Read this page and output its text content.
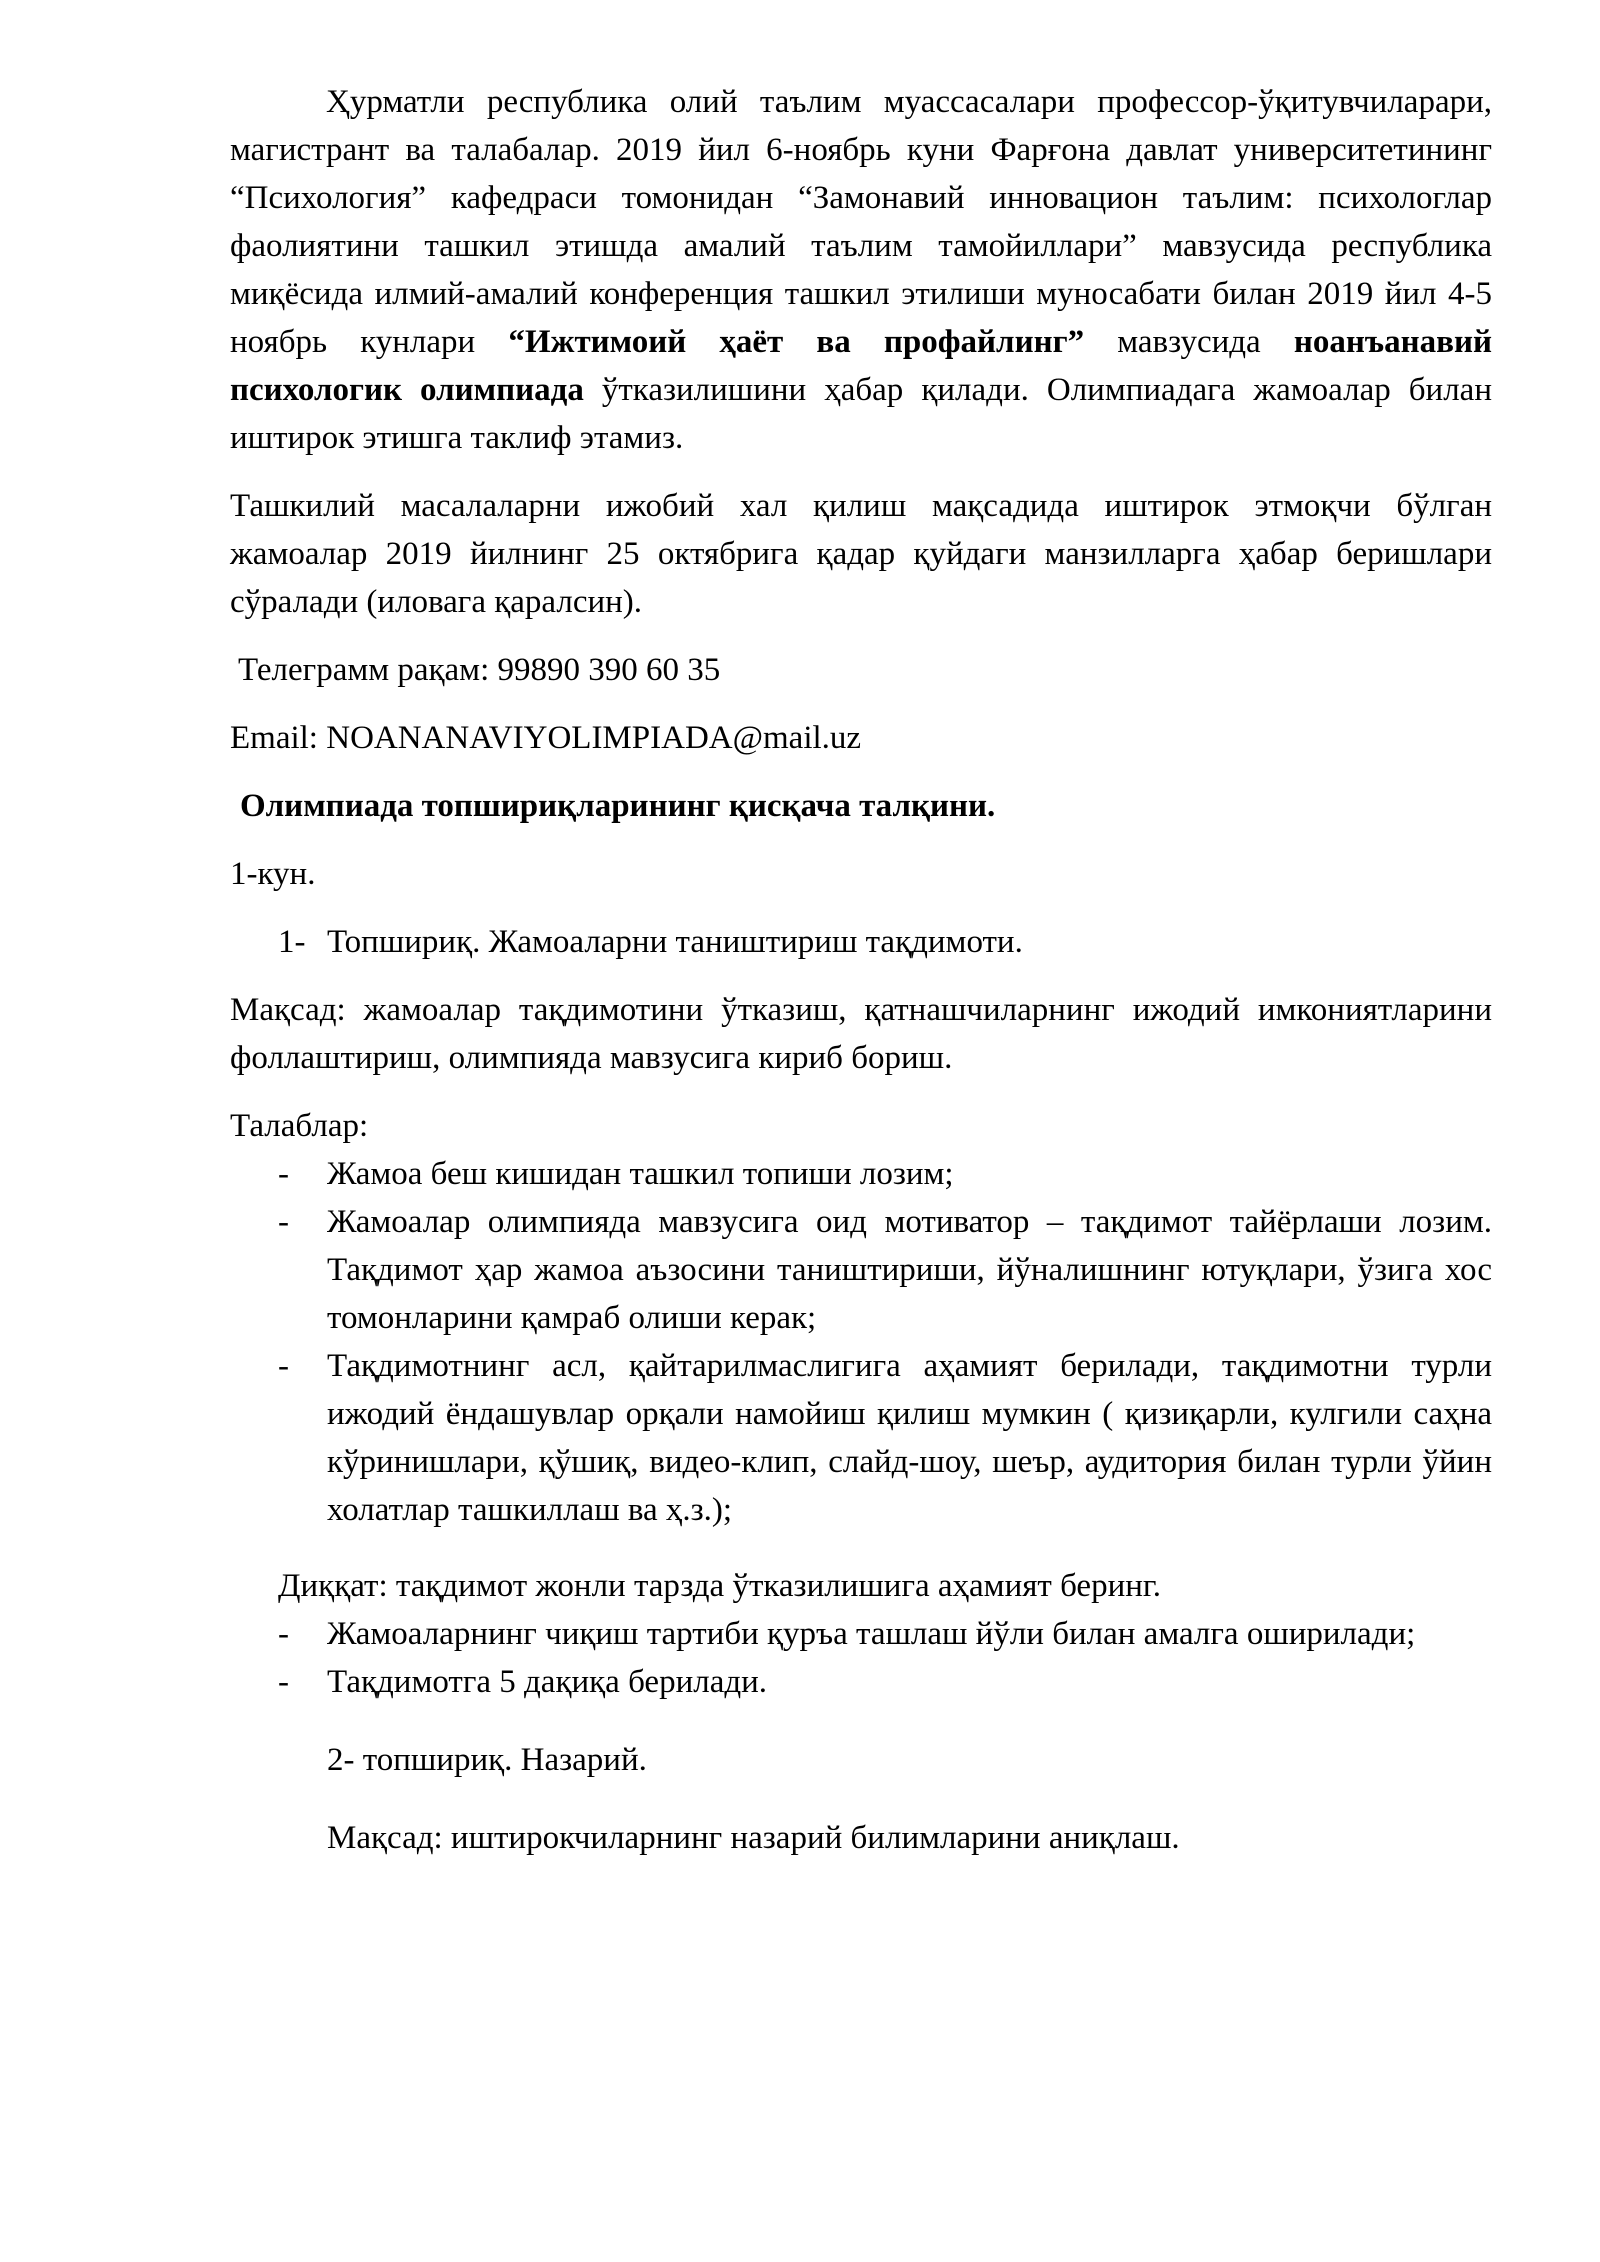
Ҳурматли республика олий таълим муассасалари профессор-ўқитувчиларари, магистрант ва талабалар. 2019 йил 6-ноябрь куни Фарғона давлат университетининг “Психология” кафедраси томонидан “Замонавий инновацион таълим: психологлар фаолиятини ташкил этишда амалий таълим тамойиллари” мавзусида республика миқёсида илмий-амалий конференция ташкил этилиши муносабати билан 2019 йил 4-5 ноябрь кунлари “Ижтимоий ҳаёт ва профайлинг” мавзусида ноанъанавий психологик олимпиада ўтказилишини ҳабар қилади. Олимпиадага жамоалар билан иштирок этишга таклиф этамиз.

Ташкилий масалаларни ижобий хал қилиш мақсадида иштирок этмоқчи бўлган жамоалар 2019 йилнинг 25 октябрига қадар қуйдаги манзилларга ҳабар беришлари сўралади (иловага қаралсин).

Телеграмм рақам: 99890 390 60 35

Email: NOANANAVIYOLIMPIADA@mail.uz

Олимпиада топшириқларининг қисқача талқини.

1-кун.

1- Топшириқ. Жамоаларни таништириш тақдимоти.

Мақсад: жамоалар тақдимотини ўтказиш, қатнашчиларнинг ижодий имкониятларини фоллаштириш, олимпияда мавзусига кириб бориш.

Талаблар:

- Жамоа беш кишидан ташкил топиши лозим;
- Жамоалар олимпияда мавзусига оид мотиватор – тақдимот тайёрлаши лозим. Тақдимот ҳар жамоа аъзосини таништириши, йўналишнинг ютуқлари, ўзига хос томонларини қамраб олиши керак;
- Тақдимотнинг асл, қайтарилмаслигига аҳамият берилади, тақдимотни турли ижодий ёндашувлар орқали намойиш қилиш мумкин ( қизиқарли, кулгили саҳна кўринишлари, қўшиқ, видео-клип, слайд-шоу, шеър, аудитория билан турли ўйин холатлар ташкиллаш ва ҳ.з.);

Диққат: тақдимот жонли тарзда ўтказилишига аҳамият беринг.

- Жамоаларнинг чиқиш тартиби қуръа ташлаш йўли билан амалга оширилади;
- Тақдимотга 5 дақиқа берилади.

2- топшириқ. Назарий.

Мақсад: иштирокчиларнинг назарий билимларини аниқлаш.
